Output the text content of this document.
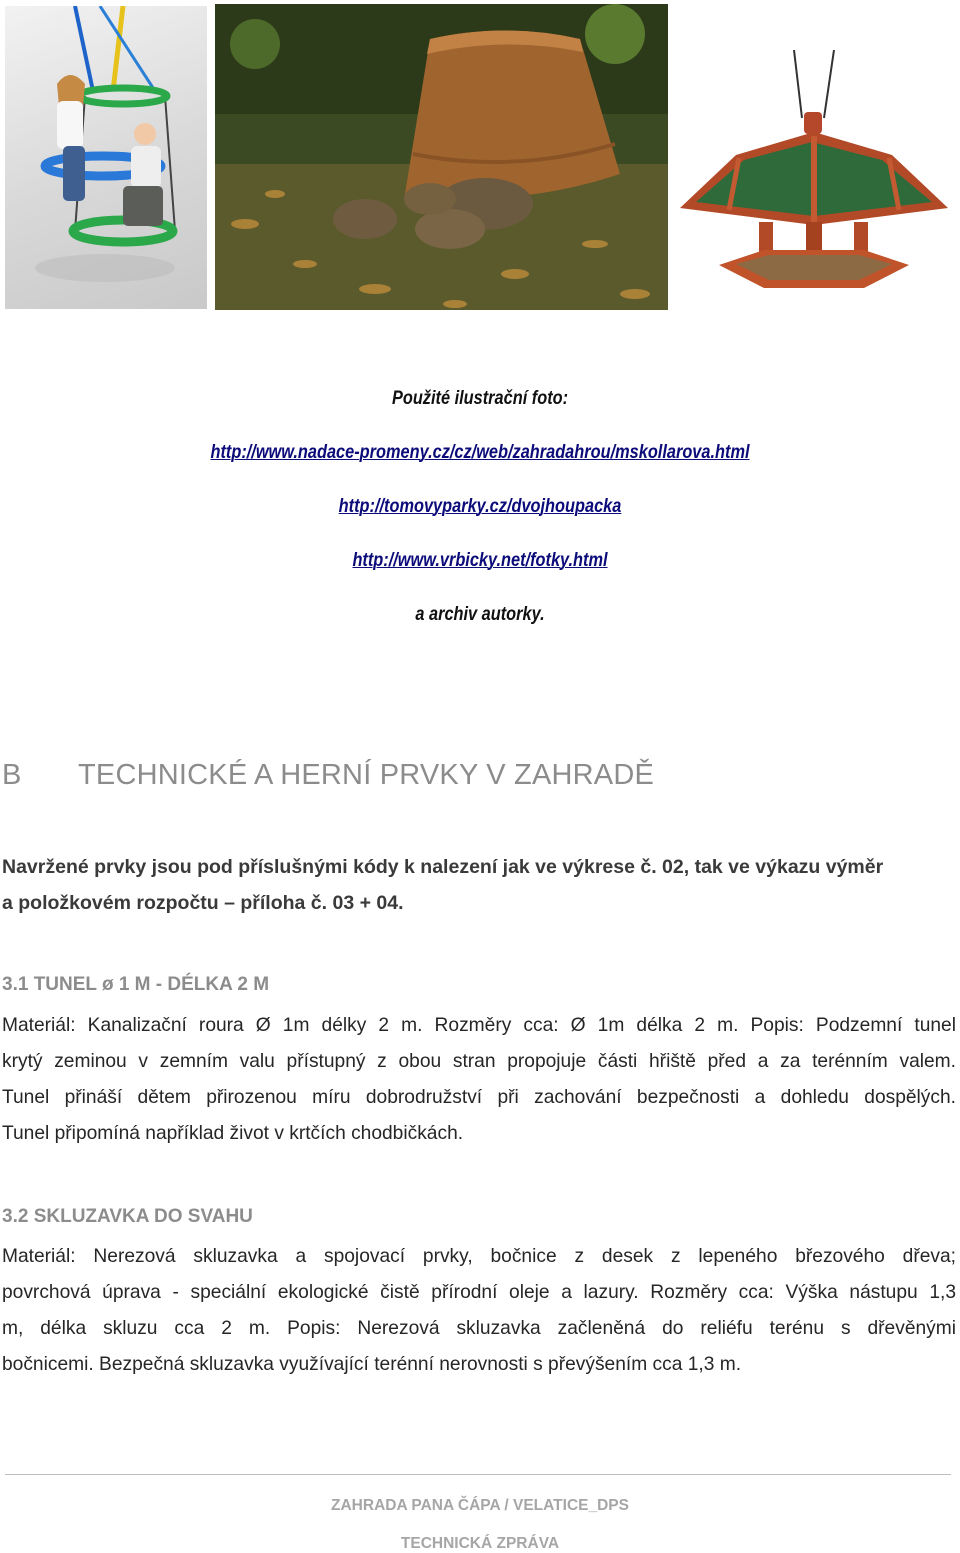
Použité ilustrační foto:
http://www.nadace-promeny.cz/cz/web/zahradahrou/mskollarova.html
http://tomovyparky.cz/dvojhoupacka
http://www.vrbicky.net/fotky.html
a archiv autorky.
B TECHNICKÉ A HERNÍ PRVKY V ZAHRADĚ
Navržené prvky jsou pod příslušnými kódy k nalezení jak ve výkrese č. 02, tak ve výkazu výměr
a položkovém rozpočtu – příloha č. 03 + 04.
3.1 TUNEL ø 1 M - DÉLKA 2 M
Materiál: Kanalizační roura Ø 1m délky 2 m. Rozměry cca: Ø 1m délka 2 m. Popis: Podzemní tunel
krytý zeminou v zemním valu přístupný z obou stran propojuje části hřiště před a za terénním valem.
Tunel přináší dětem přirozenou míru dobrodružství při zachování bezpečnosti a dohledu dospělých.
Tunel připomíná například život v krtčích chodbičkách.
3.2 SKLUZAVKA DO SVAHU
Materiál: Nerezová skluzavka a spojovací prvky, bočnice z desek z lepeného březového dřeva;
povrchová úprava - speciální ekologické čistě přírodní oleje a lazury. Rozměry cca: Výška nástupu 1,3
m, délka skluzu cca 2 m. Popis: Nerezová skluzavka začleněná do reliéfu terénu s dřevěnými
bočnicemi. Bezpečná skluzavka využívající terénní nerovnosti s převýšením cca 1,3 m.
ZAHRADA PANA ČÁPA / VELATICE_DPS
TECHNICKÁ ZPRÁVA
